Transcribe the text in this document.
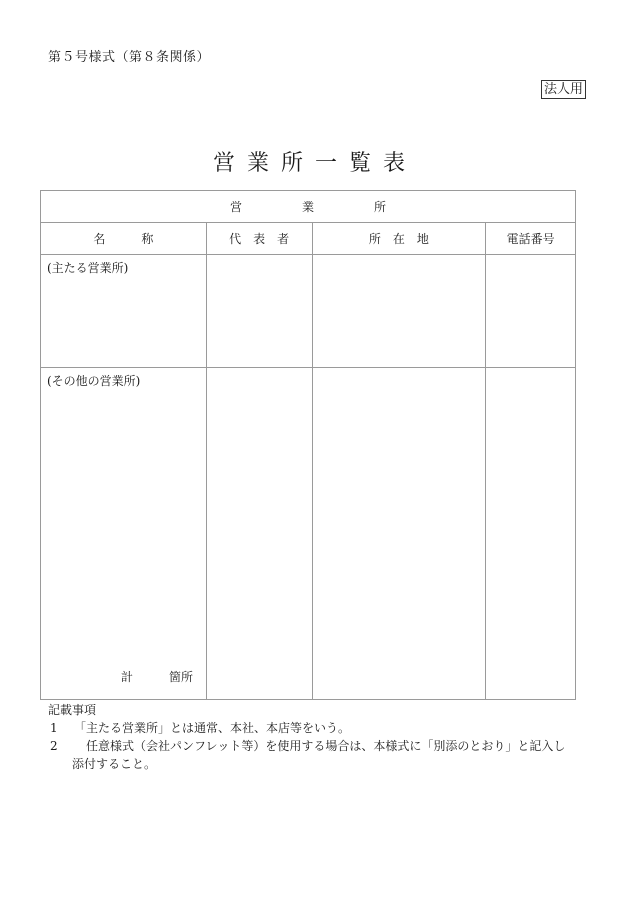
第５号様式（第８条関係）
法人用
営業所一覧表
営　　　　　業　　　　　所			
名　　　称	代　表　者	所　在　地	電話番号

(主たる営業所)			

(その他の営業所)
計　　　箇所			

記載事項
1 「主たる営業所」とは通常、本社、本店等をいう。
2　任意様式（会社パンフレット等）を使用する場合は、本様式に「別添のとおり」と記入し
添付すること。
